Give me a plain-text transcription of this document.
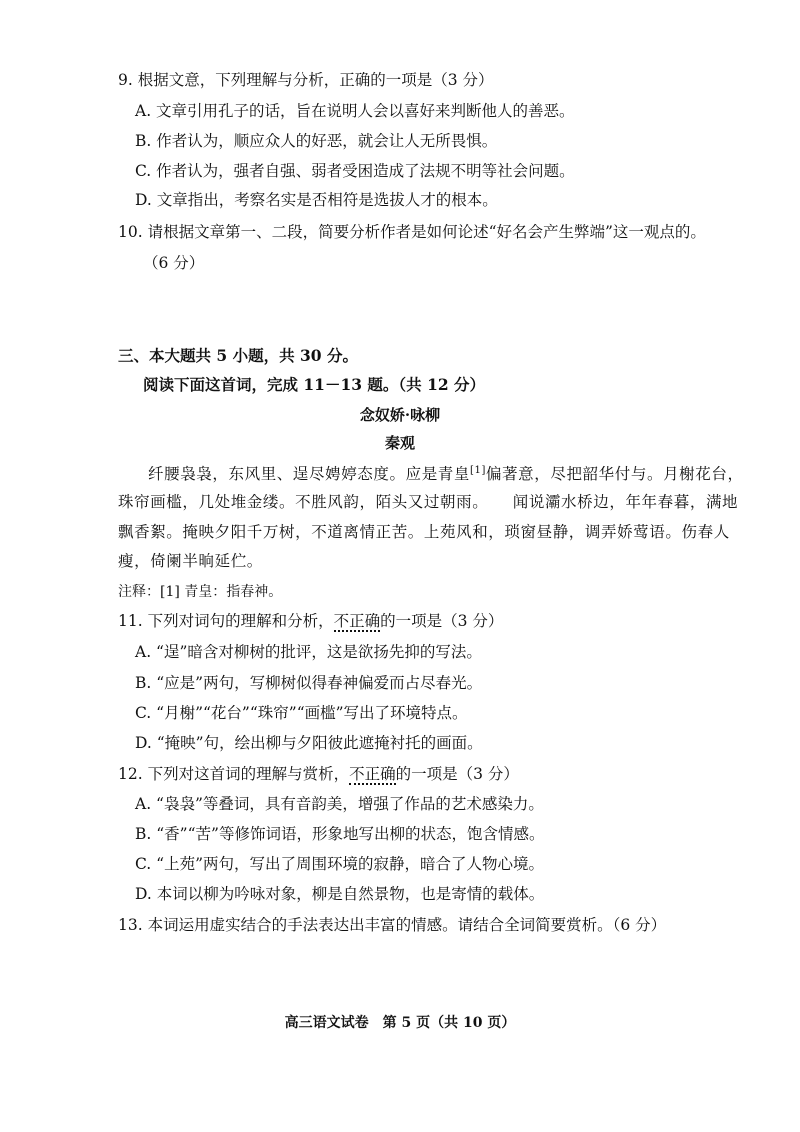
9. 根据文意，下列理解与分析，正确的一项是（3 分）
A. 文章引用孔子的话，旨在说明人会以喜好来判断他人的善恶。
B. 作者认为，顺应众人的好恶，就会让人无所畏惧。
C. 作者认为，强者自强、弱者受困造成了法规不明等社会问题。
D. 文章指出，考察名实是否相符是选拔人才的根本。
10. 请根据文章第一、二段，简要分析作者是如何论述“好名会产生弊端”这一观点的。
（6 分）
三、本大题共 5 小题，共 30 分。
阅读下面这首词，完成 11－13 题。（共 12 分）
念奴娇·咏柳
秦观
纤腰袅袅，东风里、逞尽娉婷态度。应是青皇[1]偏著意，尽把韶华付与。月榭花台，
珠帘画槛，几处堆金缕。不胜风韵，陌头又过朝雨。　　闻说灞水桥边，年年春暮，满地
飘香絮。掩映夕阳千万树，不道离情正苦。上苑风和，琐窗昼静，调弄娇莺语。伤春人
瘦，倚阑半晌延伫。
注释：[1] 青皇：指春神。
11. 下列对词句的理解和分析，不正确的一项是（3 分）
A. “逞”暗含对柳树的批评，这是欲扬先抑的写法。
B. “应是”两句，写柳树似得春神偏爱而占尽春光。
C. “月榭”“花台”“珠帘”“画槛”写出了环境特点。
D. “掩映”句，绘出柳与夕阳彼此遮掩衬托的画面。
12. 下列对这首词的理解与赏析，不正确的一项是（3 分）
A. “袅袅”等叠词，具有音韵美，增强了作品的艺术感染力。
B. “香”“苦”等修饰词语，形象地写出柳的状态，饱含情感。
C. “上苑”两句，写出了周围环境的寂静，暗合了人物心境。
D. 本词以柳为吟咏对象，柳是自然景物，也是寄情的载体。
13. 本词运用虚实结合的手法表达出丰富的情感。请结合全词简要赏析。（6 分）
高三语文试卷　第 5 页（共 10 页）
